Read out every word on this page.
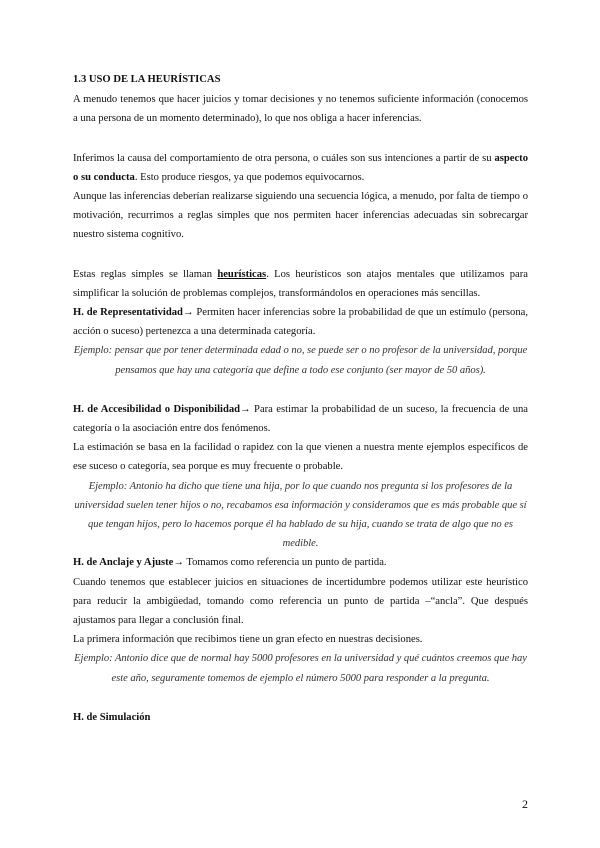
1.3 USO DE LA HEURÍSTICAS

A menudo tenemos que hacer juicios y tomar decisiones y no tenemos suficiente información (conocemos a una persona de un momento determinado), lo que nos obliga a hacer inferencias.

Inferimos la causa del comportamiento de otra persona, o cuáles son sus intenciones a partir de su aspecto o su conducta. Esto produce riesgos, ya que podemos equivocarnos.

Aunque las inferencias deberían realizarse siguiendo una secuencia lógica, a menudo, por falta de tiempo o motivación, recurrimos a reglas simples que nos permiten hacer inferencias adecuadas sin sobrecargar nuestro sistema cognitivo.

Estas reglas simples se llaman heurísticas. Los heurísticos son atajos mentales que utilizamos para simplificar la solución de problemas complejos, transformándolos en operaciones más sencillas.

H. de Representatividad→ Permiten hacer inferencias sobre la probabilidad de que un estímulo (persona, acción o suceso) pertenezca a una determinada categoría.

Ejemplo: pensar que por tener determinada edad o no, se puede ser o no profesor de la universidad, porque pensamos que hay una categoría que define a todo ese conjunto (ser mayor de 50 años).

H. de Accesibilidad o Disponibilidad→ Para estimar la probabilidad de un suceso, la frecuencia de una categoría o la asociación entre dos fenómenos.

La estimación se basa en la facilidad o rapidez con la que vienen a nuestra mente ejemplos específicos de ese suceso o categoría, sea porque es muy frecuente o probable.

Ejemplo: Antonio ha dicho que tiene una hija, por lo que cuando nos pregunta si los profesores de la universidad suelen tener hijos o no, recabamos esa información y consideramos que es más probable que sí que tengan hijos, pero lo hacemos porque él ha hablado de su hija, cuando se trata de algo que no es medible.

H. de Anclaje y Ajuste→ Tomamos como referencia un punto de partida.

Cuando tenemos que establecer juicios en situaciones de incertidumbre podemos utilizar este heurístico para reducir la ambigüedad, tomando como referencia un punto de partida –“ancla”. Que después ajustamos para llegar a conclusión final.

La primera información que recibimos tiene un gran efecto en nuestras decisiones.

Ejemplo: Antonio dice que de normal hay 5000 profesores en la universidad y qué cuántos creemos que hay este año, seguramente tomemos de ejemplo el número 5000 para responder a la pregunta.

H. de Simulación

2
